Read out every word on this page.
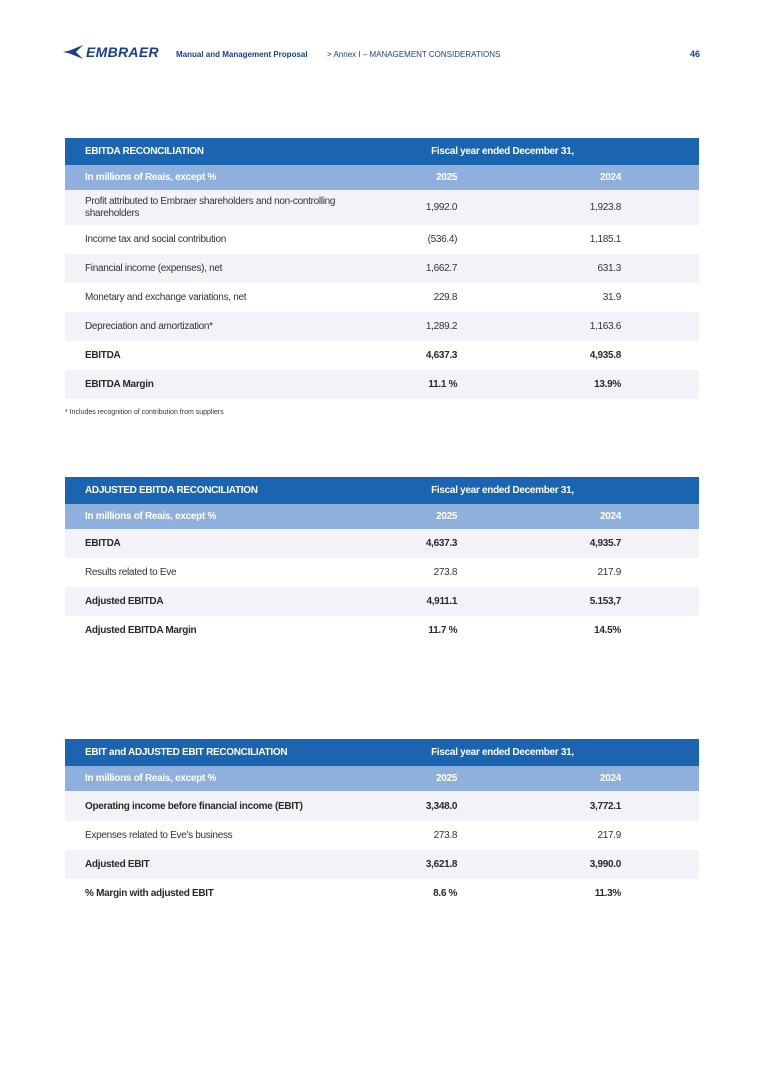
EMBRAER Manual and Management Proposal > Annex I – MANAGEMENT CONSIDERATIONS	46
EBITDA RECONCILIATION	Fiscal year ended December 31,	
In millions of Reais, except %	2025	2024
Profit attributed to Embraer shareholders and non-controlling shareholders	1,992.0	1,923.8
Income tax and social contribution	(536.4)	1,185.1
Financial income (expenses), net	1,662.7	631.3
Monetary and exchange variations, net	229.8	31.9
Depreciation and amortization*	1,289.2	1,163.6
EBITDA	4,637.3	4,935.8
EBITDA Margin	11.1 %	13.9%
* Includes recognition of contribution from suppliers
ADJUSTED EBITDA RECONCILIATION	Fiscal year ended December 31,	
In millions of Reais, except %	2025	2024
EBITDA	4,637.3	4,935.7
Results related to Eve	273.8	217.9
Adjusted EBITDA	4,911.1	5.153,7
Adjusted EBITDA Margin	11.7 %	14.5%
EBIT and ADJUSTED EBIT RECONCILIATION	Fiscal year ended December 31,	
In millions of Reais, except %	2025	2024
Operating income before financial income (EBIT)	3,348.0	3,772.1
Expenses related to Eve's business	273.8	217.9
Adjusted EBIT	3,621.8	3,990.0
% Margin with adjusted EBIT	8.6 %	11.3%
